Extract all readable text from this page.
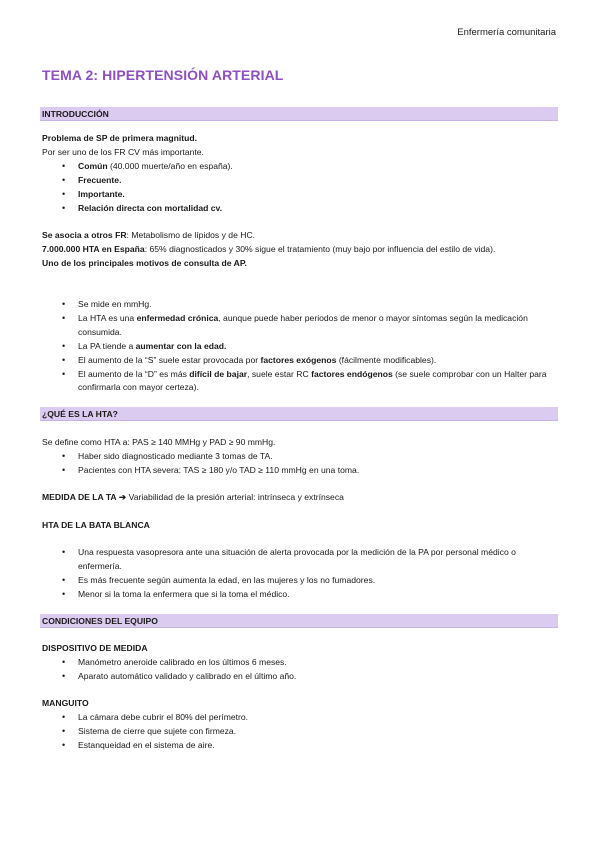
Enfermería comunitaria
TEMA 2: HIPERTENSIÓN ARTERIAL
INTRODUCCIÓN
Problema de SP de primera magnitud.
Por ser uno de los FR CV más importante.
• Común (40.000 muerte/año en españa).
• Frecuente.
• Importante.
• Relación directa con mortalidad cv.
Se asocia a otros FR: Metabolismo de lípidos y de HC.
7.000.000 HTA en España: 65% diagnosticados y 30% sigue el tratamiento (muy bajo por influencia del estilo de vida).
Uno de los principales motivos de consulta de AP.
• Se mide en mmHg.
• La HTA es una enfermedad crónica, aunque puede haber periodos de menor o mayor síntomas según la medicación consumida.
• La PA tiende a aumentar con la edad.
• El aumento de la “S” suele estar provocada por factores exógenos (fácilmente modificables).
• El aumento de la “D” es más difícil de bajar, suele estar RC factores endógenos (se suele comprobar con un Halter para confirmarla con mayor certeza).
¿QUÉ ES LA HTA?
Se define como HTA a: PAS ≥ 140 MMHg y PAD ≥ 90 mmHg.
• Haber sido diagnosticado mediante 3 tomas de TA.
• Pacientes con HTA severa: TAS ≥ 180 y/o TAD ≥ 110 mmHg en una toma.
MEDIDA DE LA TA ➔ Variabilidad de la presión arterial: intrínseca y extrínseca
HTA DE LA BATA BLANCA
• Una respuesta vasopresora ante una situación de alerta provocada por la medición de la PA por personal médico o enfermería.
• Es más frecuente según aumenta la edad, en las mujeres y los no fumadores.
• Menor si la toma la enfermera que si la toma el médico.
CONDICIONES DEL EQUIPO
DISPOSITIVO DE MEDIDA
• Manómetro aneroide calibrado en los últimos 6 meses.
• Aparato automático validado y calibrado en el último año.
MANGUITO
• La cámara debe cubrir el 80% del perímetro.
• Sistema de cierre que sujete con firmeza.
• Estanqueidad en el sistema de aire.
